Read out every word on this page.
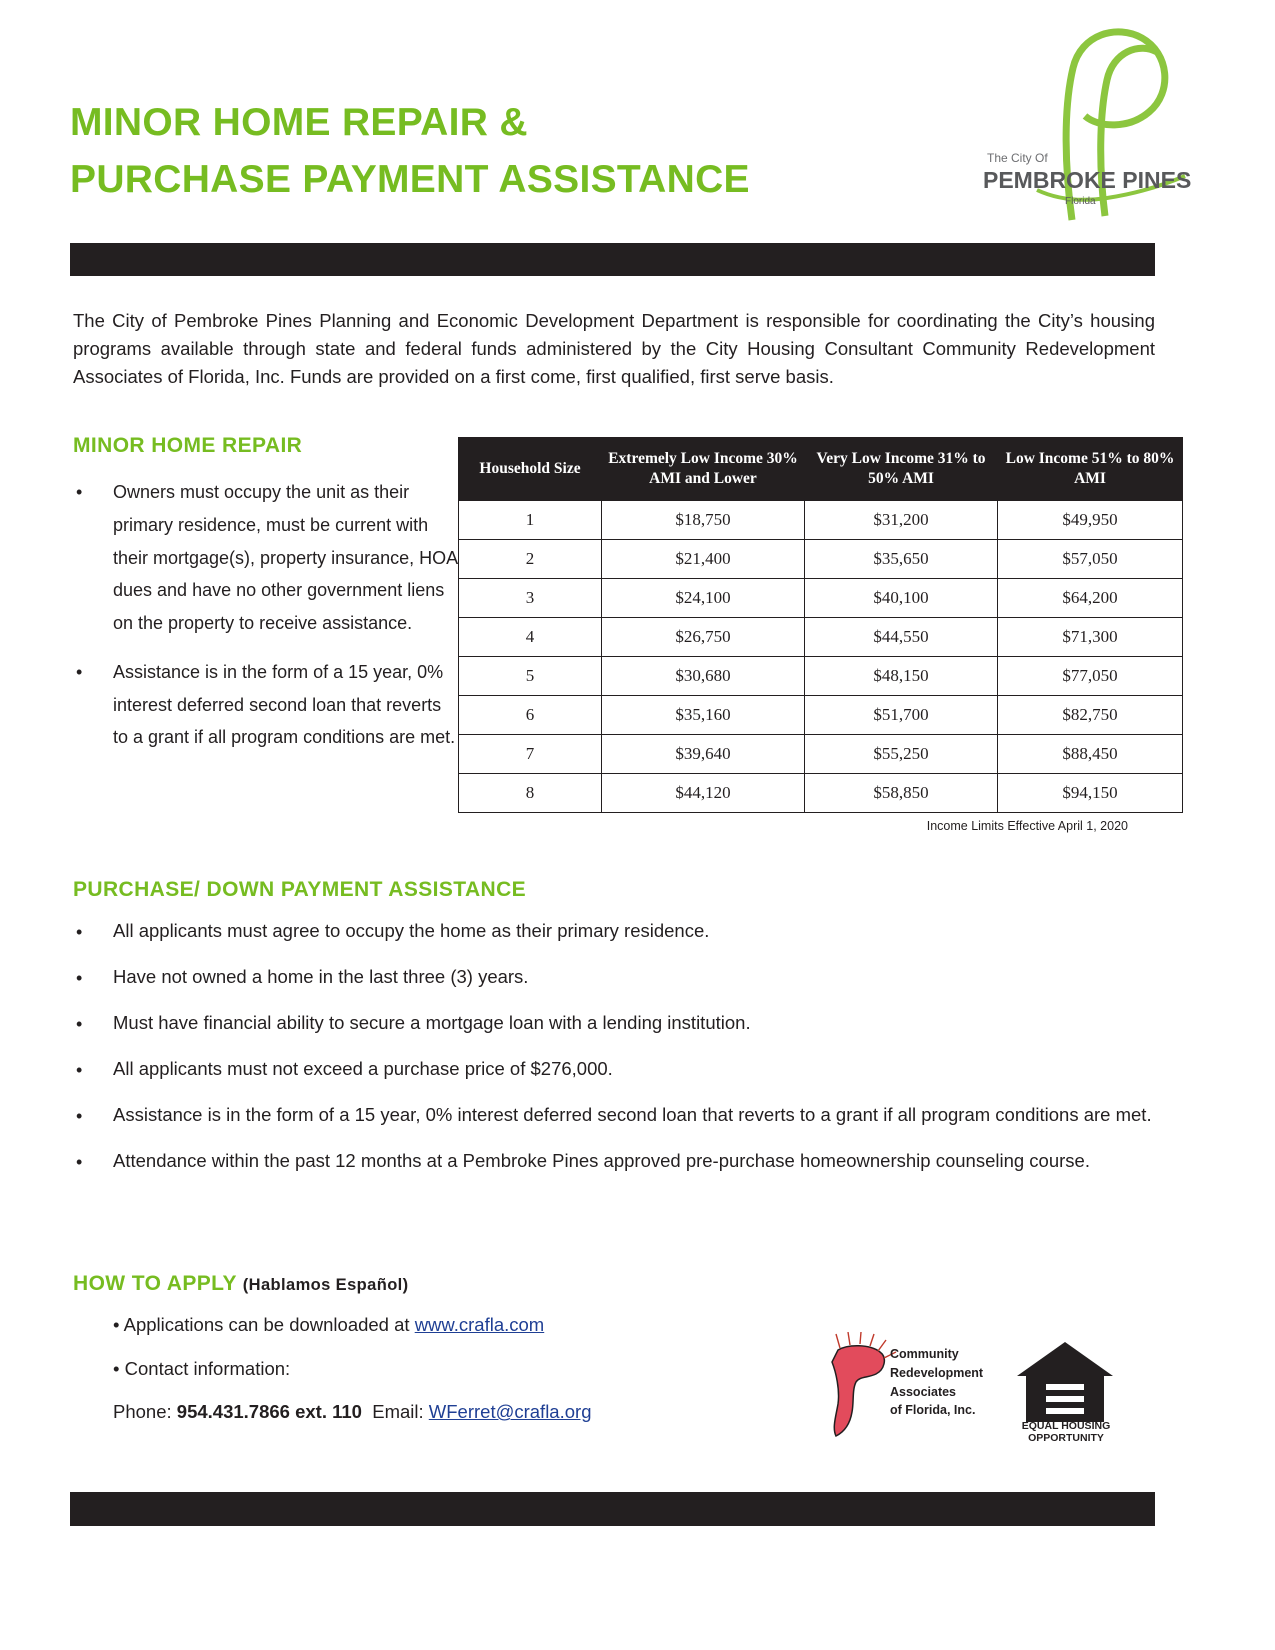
MINOR HOME REPAIR &
PURCHASE PAYMENT ASSISTANCE	The City Of
PEMBROKE PINES
Florida

The City of Pembroke Pines Planning and Economic Development Department is responsible for coordinating the City’s housing programs available through state and federal funds administered by the City Housing Consultant Community Redevelopment Associates of Florida, Inc. Funds are provided on a first come, first qualified, first serve basis.

MINOR HOME REPAIR
• Owners must occupy the unit as their primary residence, must be current with their mortgage(s), property insurance, HOA dues and have no other government liens on the property to receive assistance.
• Assistance is in the form of a 15 year, 0% interest deferred second loan that reverts to a grant if all program conditions are met.
Household Size	Extremely Low Income 30% AMI and Lower	Very Low Income 31% to 50% AMI	Low Income 51% to 80% AMI
1	$18,750	$31,200	$49,950
2	$21,400	$35,650	$57,050
3	$24,100	$40,100	$64,200
4	$26,750	$44,550	$71,300
5	$30,680	$48,150	$77,050
6	$35,160	$51,700	$82,750
7	$39,640	$55,250	$88,450
8	$44,120	$58,850	$94,150
Income Limits Effective April 1, 2020
PURCHASE/ DOWN PAYMENT ASSISTANCE
• All applicants must agree to occupy the home as their primary residence.
• Have not owned a home in the last three (3) years.
• Must have financial ability to secure a mortgage loan with a lending institution.
• All applicants must not exceed a purchase price of $276,000.
• Assistance is in the form of a 15 year, 0% interest deferred second loan that reverts to a grant if all program conditions are met.
• Attendance within the past 12 months at a Pembroke Pines approved pre-purchase homeownership counseling course.
HOW TO APPLY (Hablamos Español)
• Applications can be downloaded at www.crafla.com
• Contact information:
Phone: 954.431.7866 ext. 110 Email: WFerret@crafla.org
Community
Redevelopment
Associates
of Florida, Inc.
EQUAL HOUSING
OPPORTUNITY
